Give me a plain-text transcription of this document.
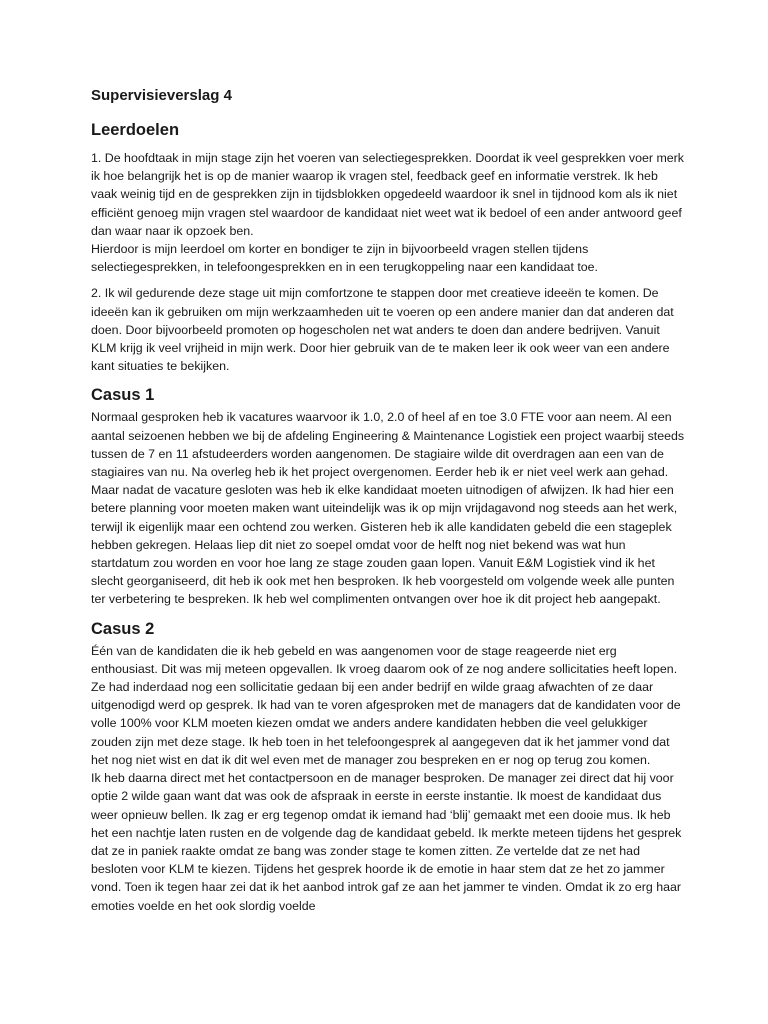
Supervisieverslag 4
Leerdoelen

1. De hoofdtaak in mijn stage zijn het voeren van selectiegesprekken. Doordat ik veel gesprekken voer merk ik hoe belangrijk het is op de manier waarop ik vragen stel, feedback geef en informatie verstrek. Ik heb vaak weinig tijd en de gesprekken zijn in tijdsblokken opgedeeld waardoor ik snel in tijdnood kom als ik niet efficiënt genoeg mijn vragen stel waardoor de kandidaat niet weet wat ik bedoel of een ander antwoord geef dan waar naar ik opzoek ben.

Hierdoor is mijn leerdoel om korter en bondiger te zijn in bijvoorbeeld vragen stellen tijdens selectiegesprekken, in telefoongesprekken en in een terugkoppeling naar een kandidaat toe.

2. Ik wil gedurende deze stage uit mijn comfortzone te stappen door met creatieve ideeën te komen. De ideeën kan ik gebruiken om mijn werkzaamheden uit te voeren op een andere manier dan dat anderen dat doen. Door bijvoorbeeld promoten op hogescholen net wat anders te doen dan andere bedrijven. Vanuit KLM krijg ik veel vrijheid in mijn werk. Door hier gebruik van de te maken leer ik ook weer van een andere kant situaties te bekijken.

Casus 1

Normaal gesproken heb ik vacatures waarvoor ik 1.0, 2.0 of heel af en toe 3.0 FTE voor aan neem. Al een aantal seizoenen hebben we bij de afdeling Engineering & Maintenance Logistiek een project waarbij steeds tussen de 7 en 11 afstudeerders worden aangenomen. De stagiaire wilde dit overdragen aan een van de stagiaires van nu. Na overleg heb ik het project overgenomen. Eerder heb ik er niet veel werk aan gehad. Maar nadat de vacature gesloten was heb ik elke kandidaat moeten uitnodigen of afwijzen. Ik had hier een betere planning voor moeten maken want uiteindelijk was ik op mijn vrijdagavond nog steeds aan het werk, terwijl ik eigenlijk maar een ochtend zou werken. Gisteren heb ik alle kandidaten gebeld die een stageplek hebben gekregen. Helaas liep dit niet zo soepel omdat voor de helft nog niet bekend was wat hun startdatum zou worden en voor hoe lang ze stage zouden gaan lopen. Vanuit E&M Logistiek vind ik het slecht georganiseerd, dit heb ik ook met hen besproken. Ik heb voorgesteld om volgende week alle punten ter verbetering te bespreken. Ik heb wel complimenten ontvangen over hoe ik dit project heb aangepakt.

Casus 2

Één van de kandidaten die ik heb gebeld en was aangenomen voor de stage reageerde niet erg enthousiast. Dit was mij meteen opgevallen. Ik vroeg daarom ook of ze nog andere sollicitaties heeft lopen. Ze had inderdaad nog een sollicitatie gedaan bij een ander bedrijf en wilde graag afwachten of ze daar uitgenodigd werd op gesprek. Ik had van te voren afgesproken met de managers dat de kandidaten voor de volle 100% voor KLM moeten kiezen omdat we anders andere kandidaten hebben die veel gelukkiger zouden zijn met deze stage. Ik heb toen in het telefoongesprek al aangegeven dat ik het jammer vond dat het nog niet wist en dat ik dit wel even met de manager zou bespreken en er nog op terug zou komen.

Ik heb daarna direct met het contactpersoon en de manager besproken. De manager zei direct dat hij voor optie 2 wilde gaan want dat was ook de afspraak in eerste in eerste instantie. Ik moest de kandidaat dus weer opnieuw bellen. Ik zag er erg tegenop omdat ik iemand had ‘blij’ gemaakt met een dooie mus. Ik heb het een nachtje laten rusten en de volgende dag de kandidaat gebeld. Ik merkte meteen tijdens het gesprek dat ze in paniek raakte omdat ze bang was zonder stage te komen zitten. Ze vertelde dat ze net had besloten voor KLM te kiezen. Tijdens het gesprek hoorde ik de emotie in haar stem dat ze het zo jammer vond. Toen ik tegen haar zei dat ik het aanbod introk gaf ze aan het jammer te vinden. Omdat ik zo erg haar emoties voelde en het ook slordig voelde
